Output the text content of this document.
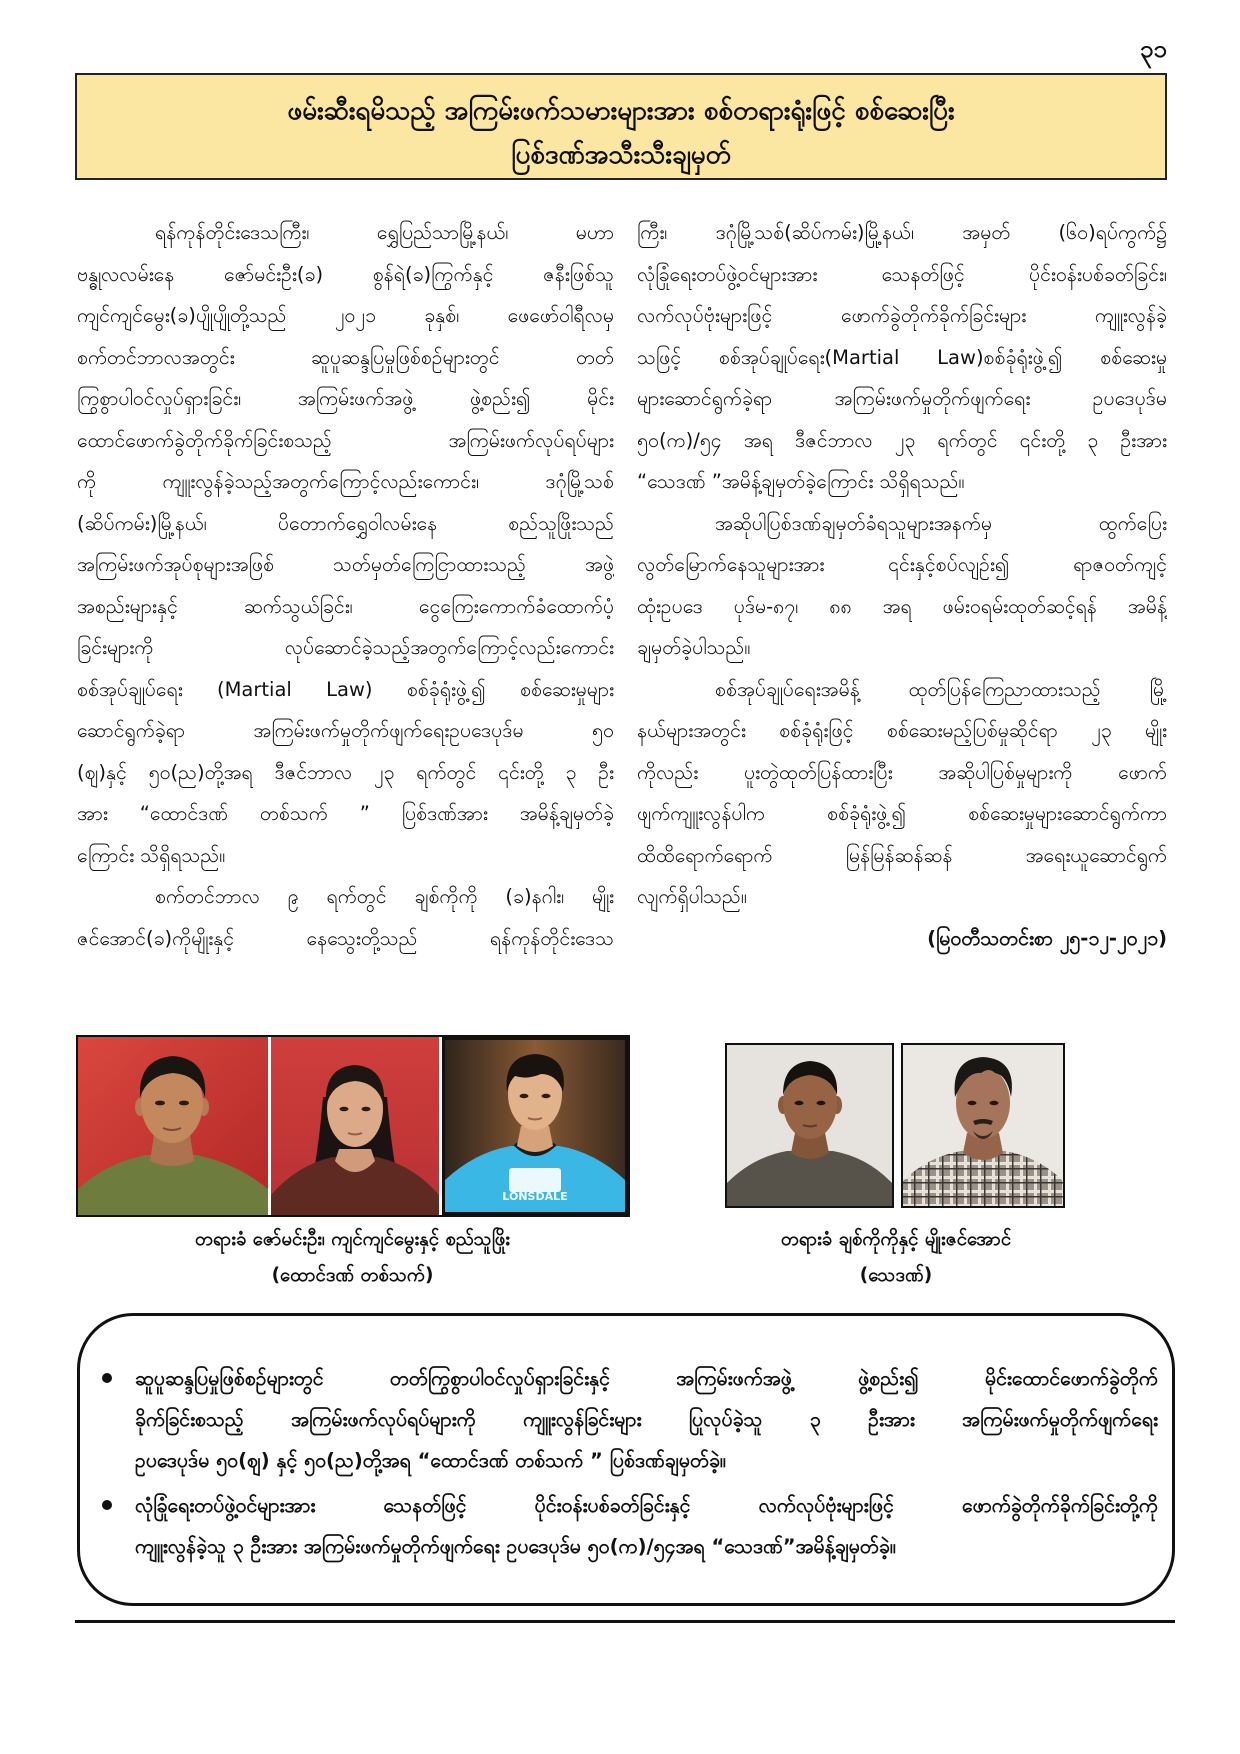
၃၁
ဖမ်းဆီးရမိသည့် အကြမ်းဖက်သမားများအား စစ်တရားရုံးဖြင့် စစ်ဆေးပြီး
ပြစ်ဒဏ်အသီးသီးချမှတ်
ရန်ကုန်တိုင်းဒေသကြီး၊ ရွှေပြည်သာမြို့နယ်၊ မဟာ
ဗန္ဓုလလမ်းနေ ဇော်မင်းဦး(ခ) စွန်ရဲ(ခ)ကြွက်နှင့် ဇနီးဖြစ်သူ
ကျင်ကျင်မွေး(ခ)ပျိုပျိုတို့သည် ၂၀၂၁ ခုနှစ်၊ ဖေဖော်ဝါရီလမှ
စက်တင်ဘာလအတွင်း ဆူပူဆန္ဒပြမှုဖြစ်စဉ်များတွင် တတ်
ကြွစွာပါဝင်လှုပ်ရှားခြင်း၊ အကြမ်းဖက်အဖွဲ့ ဖွဲ့စည်း၍ မိုင်း
ထောင်ဖောက်ခွဲတိုက်ခိုက်ခြင်းစသည့် အကြမ်းဖက်လုပ်ရပ်များ
ကို ကျူးလွန်ခဲ့သည့်အတွက်ကြောင့်လည်းကောင်း၊ ဒဂုံမြို့သစ်
(ဆိပ်ကမ်း)မြို့နယ်၊ ပိတောက်ရွှေဝါလမ်းနေ စည်သူဖြိုးသည်
အကြမ်းဖက်အုပ်စုများအဖြစ် သတ်မှတ်ကြေငြာထားသည့် အဖွဲ့
အစည်းများနှင့် ဆက်သွယ်ခြင်း၊ ငွေကြေးကောက်ခံထောက်ပံ့
ခြင်းများကို လုပ်ဆောင်ခဲ့သည့်အတွက်ကြောင့်လည်းကောင်း
စစ်အုပ်ချုပ်ရေး (Martial Law) စစ်ခုံရုံးဖွဲ့၍ စစ်ဆေးမှုများ
ဆောင်ရွက်ခဲ့ရာ အကြမ်းဖက်မှုတိုက်ဖျက်ရေးဥပဒေပုဒ်မ ၅၀
(ဈ)နှင့် ၅၀(ည)တို့အရ ဒီဇင်ဘာလ ၂၃ ရက်တွင် ၎င်းတို့ ၃ ဦး
အား “ထောင်ဒဏ် တစ်သက် ” ပြစ်ဒဏ်အား အမိန့်ချမှတ်ခဲ့
ကြောင်း သိရှိရသည်။
စက်တင်ဘာလ ၉ ရက်တွင် ချစ်ကိုကို (ခ)နဂါး၊ မျိုး
ဇင်အောင်(ခ)ကိုမျိုးနှင့် နေသွေးတို့သည် ရန်ကုန်တိုင်းဒေသ
ကြီး၊ ဒဂုံမြို့သစ်(ဆိပ်ကမ်း)မြို့နယ်၊ အမှတ် (၆၀)ရပ်ကွက်၌
လုံခြုံရေးတပ်ဖွဲ့ဝင်များအား သေနတ်ဖြင့် ပိုင်းဝန်းပစ်ခတ်ခြင်း၊
လက်လုပ်ဗုံးများဖြင့် ဖောက်ခွဲတိုက်ခိုက်ခြင်းများ ကျူးလွန်ခဲ့
သဖြင့် စစ်အုပ်ချုပ်ရေး(Martial Law)စစ်ခုံရုံးဖွဲ့၍ စစ်ဆေးမှု
များဆောင်ရွက်ခဲ့ရာ အကြမ်းဖက်မှုတိုက်ဖျက်ရေး ဥပဒေပုဒ်မ
၅၀(က)/၅၄ အရ ဒီဇင်ဘာလ ၂၃ ရက်တွင် ၎င်းတို့ ၃ ဦးအား
“သေဒဏ် ”အမိန့်ချမှတ်ခဲ့ကြောင်း သိရှိရသည်။
အဆိုပါပြစ်ဒဏ်ချမှတ်ခံရသူများအနက်မှ ထွက်ပြေး
လွတ်မြောက်နေသူများအား ၎င်းနှင့်စပ်လျဉ်း၍ ရာဇဝတ်ကျင့်
ထုံးဥပဒေ ပုဒ်မ-၈၇၊ ၈၈ အရ ဖမ်းဝရမ်းထုတ်ဆင့်ရန် အမိန့်
ချမှတ်ခဲ့ပါသည်။
စစ်အုပ်ချုပ်ရေးအမိန့် ထုတ်ပြန်ကြေညာထားသည့် မြို့
နယ်များအတွင်း စစ်ခုံရုံးဖြင့် စစ်ဆေးမည့်ပြစ်မှုဆိုင်ရာ ၂၃ မျိုး
ကိုလည်း ပူးတွဲထုတ်ပြန်ထားပြီး အဆိုပါပြစ်မှုများကို ဖောက်
ဖျက်ကျူးလွန်ပါက စစ်ခုံရုံးဖွဲ့၍ စစ်ဆေးမှုများဆောင်ရွက်ကာ
ထိထိရောက်ရောက် မြန်မြန်ဆန်ဆန် အရေးယူဆောင်ရွက်
လျက်ရှိပါသည်။
(မြဝတီသတင်းစာ ၂၅-၁၂-၂၀၂၁)
LONSDALE
တရားခံ ဇော်မင်းဦး၊ ကျင်ကျင်မွေးနှင့် စည်သူဖြိုး
(ထောင်ဒဏ် တစ်သက်)
တရားခံ ချစ်ကိုကိုနှင့် မျိုးဇင်အောင်
(သေဒဏ်)
ဆူပူဆန္ဒပြမှုဖြစ်စဉ်များတွင် တတ်ကြွစွာပါဝင်လှုပ်ရှားခြင်းနှင့် အကြမ်းဖက်အဖွဲ့ ဖွဲ့စည်း၍ မိုင်းထောင်ဖောက်ခွဲတိုက်
ခိုက်ခြင်းစသည့် အကြမ်းဖက်လုပ်ရပ်များကို ကျူးလွန်ခြင်းများ ပြုလုပ်ခဲ့သူ ၃ ဦးအား အကြမ်းဖက်မှုတိုက်ဖျက်ရေး
ဥပဒေပုဒ်မ ၅၀(ဈ) နှင့် ၅၀(ည)တို့အရ “ထောင်ဒဏ် တစ်သက် ” ပြစ်ဒဏ်ချမှတ်ခဲ့။
လုံခြုံရေးတပ်ဖွဲ့ဝင်များအား သေနတ်ဖြင့် ပိုင်းဝန်းပစ်ခတ်ခြင်းနှင့် လက်လုပ်ဗုံးများဖြင့် ဖောက်ခွဲတိုက်ခိုက်ခြင်းတို့ကို
ကျူးလွန်ခဲ့သူ ၃ ဦးအား အကြမ်းဖက်မှုတိုက်ဖျက်ရေး ဥပဒေပုဒ်မ ၅၀(က)/၅၄အရ “သေဒဏ်”အမိန့်ချမှတ်ခဲ့။
